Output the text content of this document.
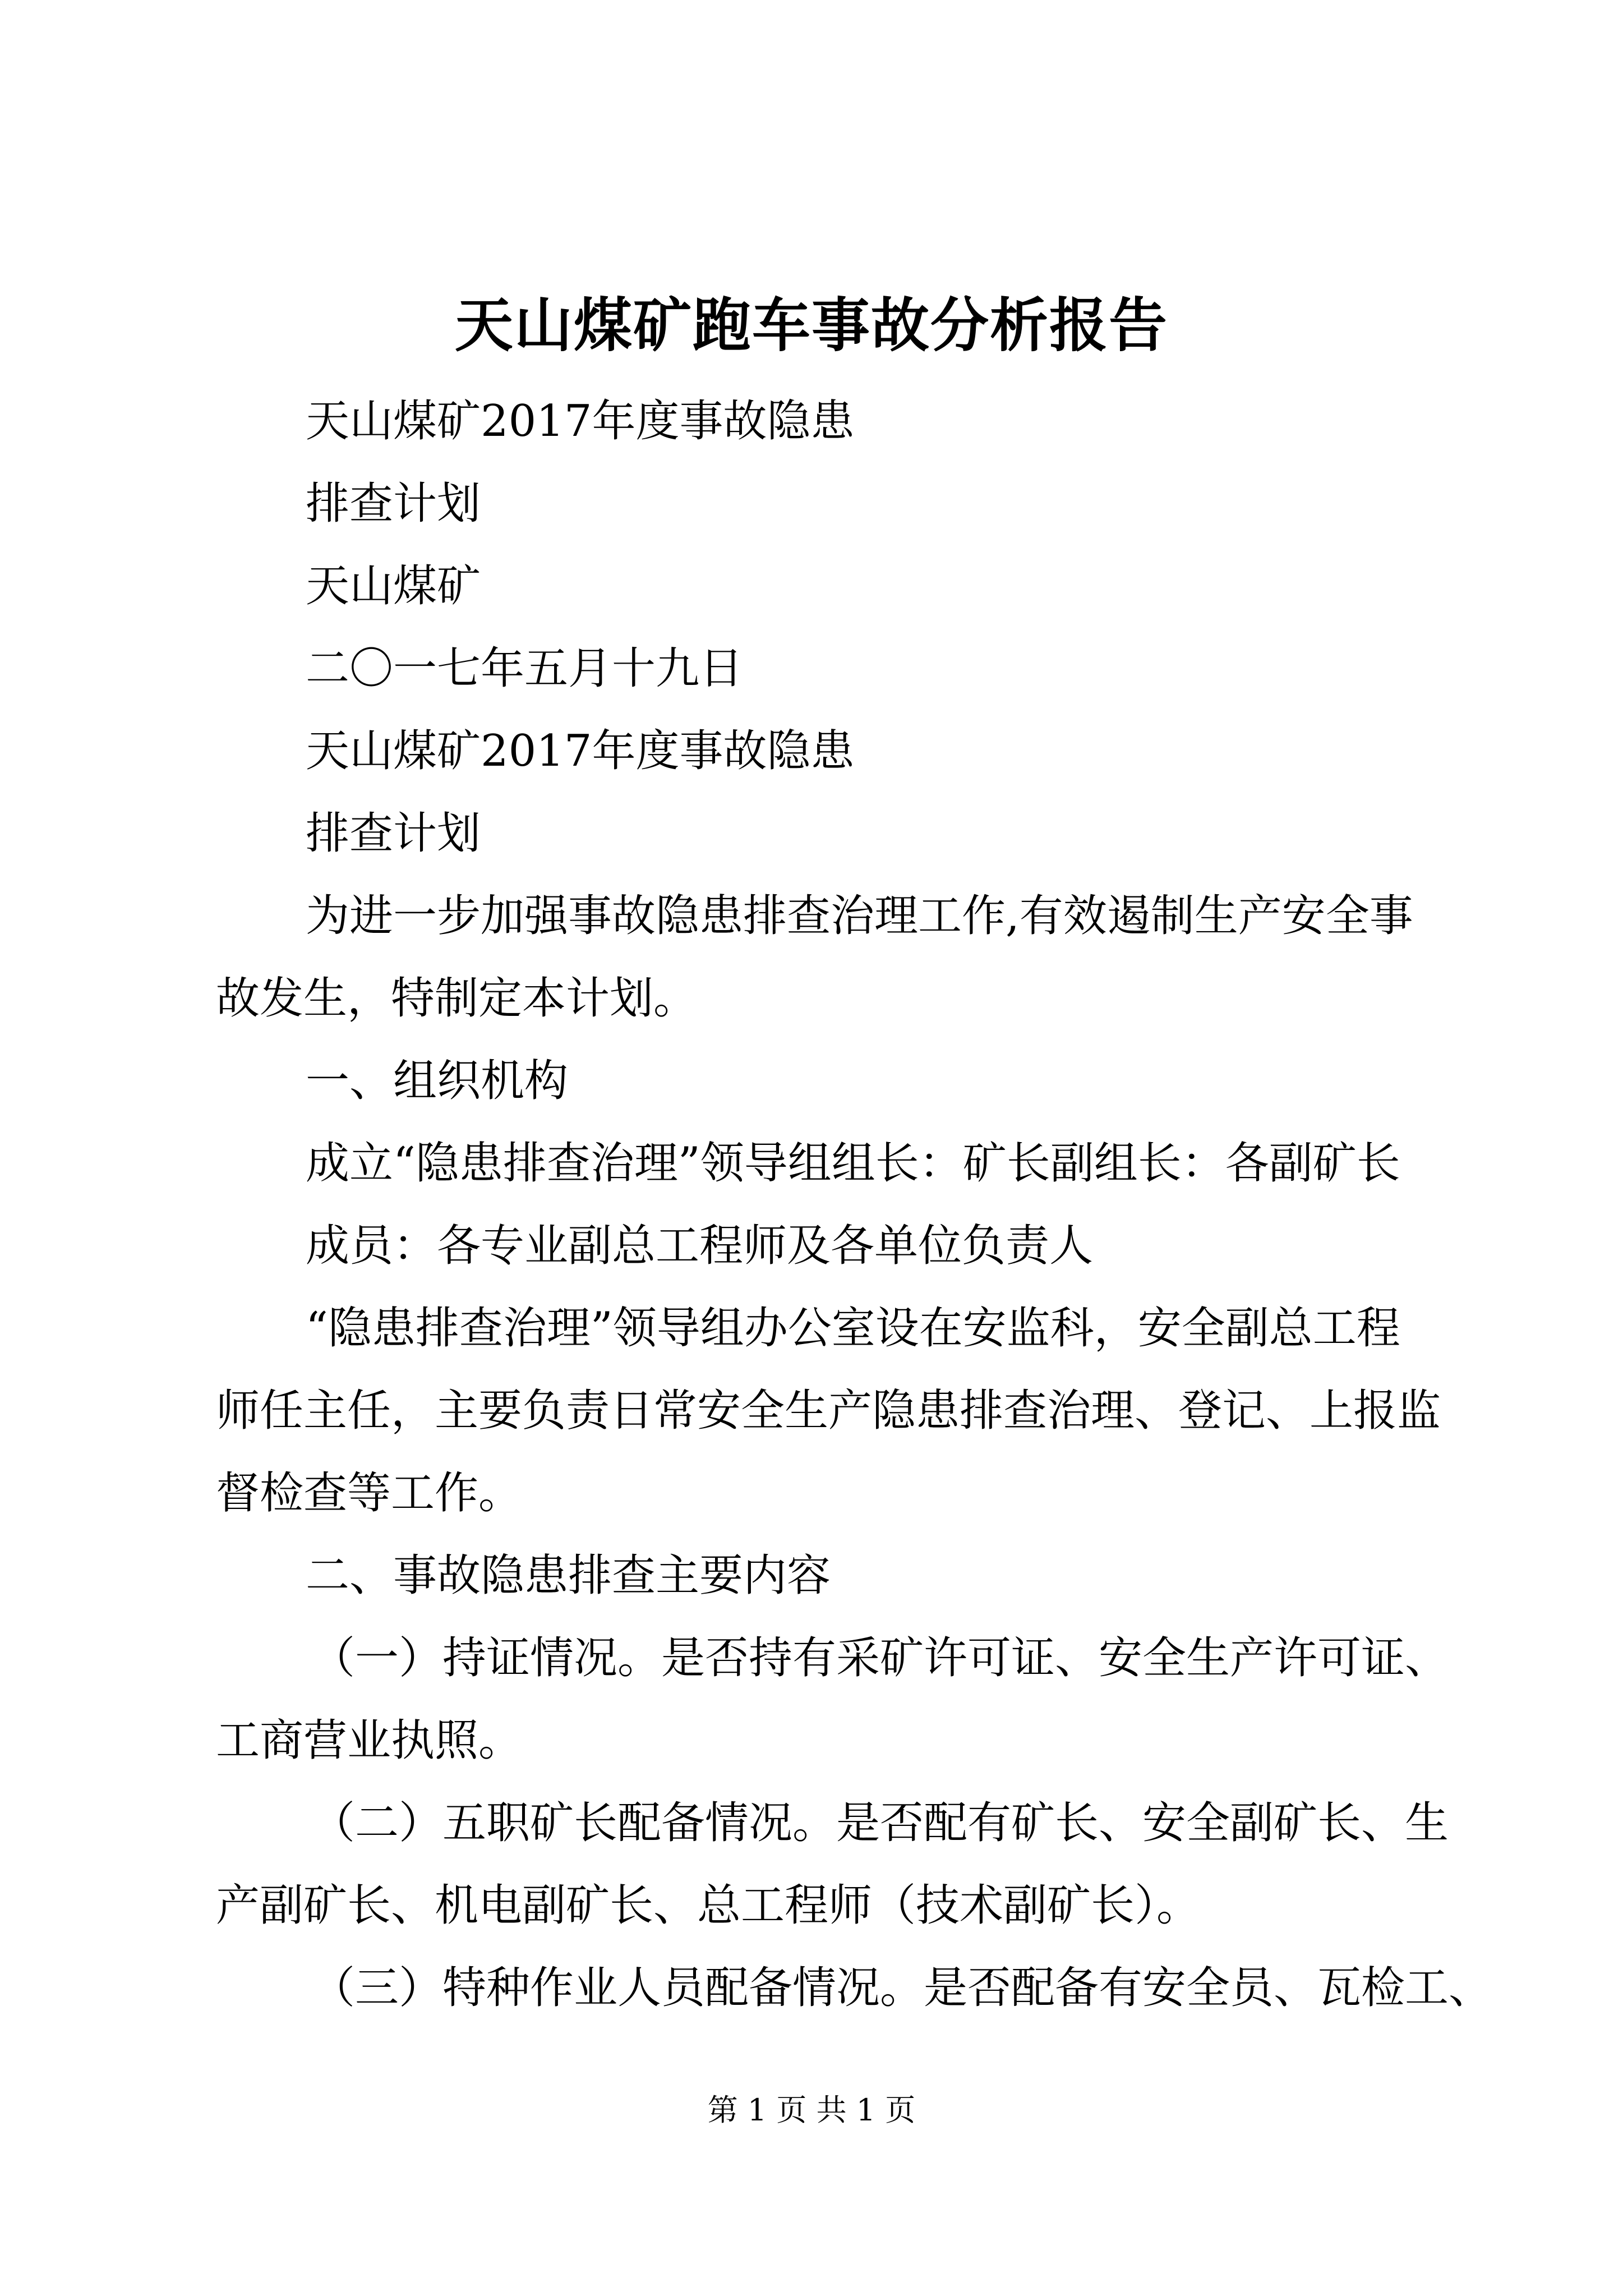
天山煤矿跑车事故分析报告
天山煤矿2017年度事故隐患
排查计划
天山煤矿
二〇一七年五月十九日
天山煤矿2017年度事故隐患
排查计划
为进一步加强事故隐患排查治理工作,有效遏制生产安全事
故发生，特制定本计划。
一、组织机构
成立“隐患排查治理”领导组组长：矿长副组长：各副矿长
成员：各专业副总工程师及各单位负责人
“隐患排查治理”领导组办公室设在安监科，安全副总工程
师任主任，主要负责日常安全生产隐患排查治理、登记、上报监
督检查等工作。
二、事故隐患排查主要内容
（一）持证情况。是否持有采矿许可证、安全生产许可证、
工商营业执照。
（二）五职矿长配备情况。是否配有矿长、安全副矿长、生
产副矿长、机电副矿长、总工程师（技术副矿长）。
（三）特种作业人员配备情况。是否配备有安全员、瓦检工、
第 1 页 共 1 页
